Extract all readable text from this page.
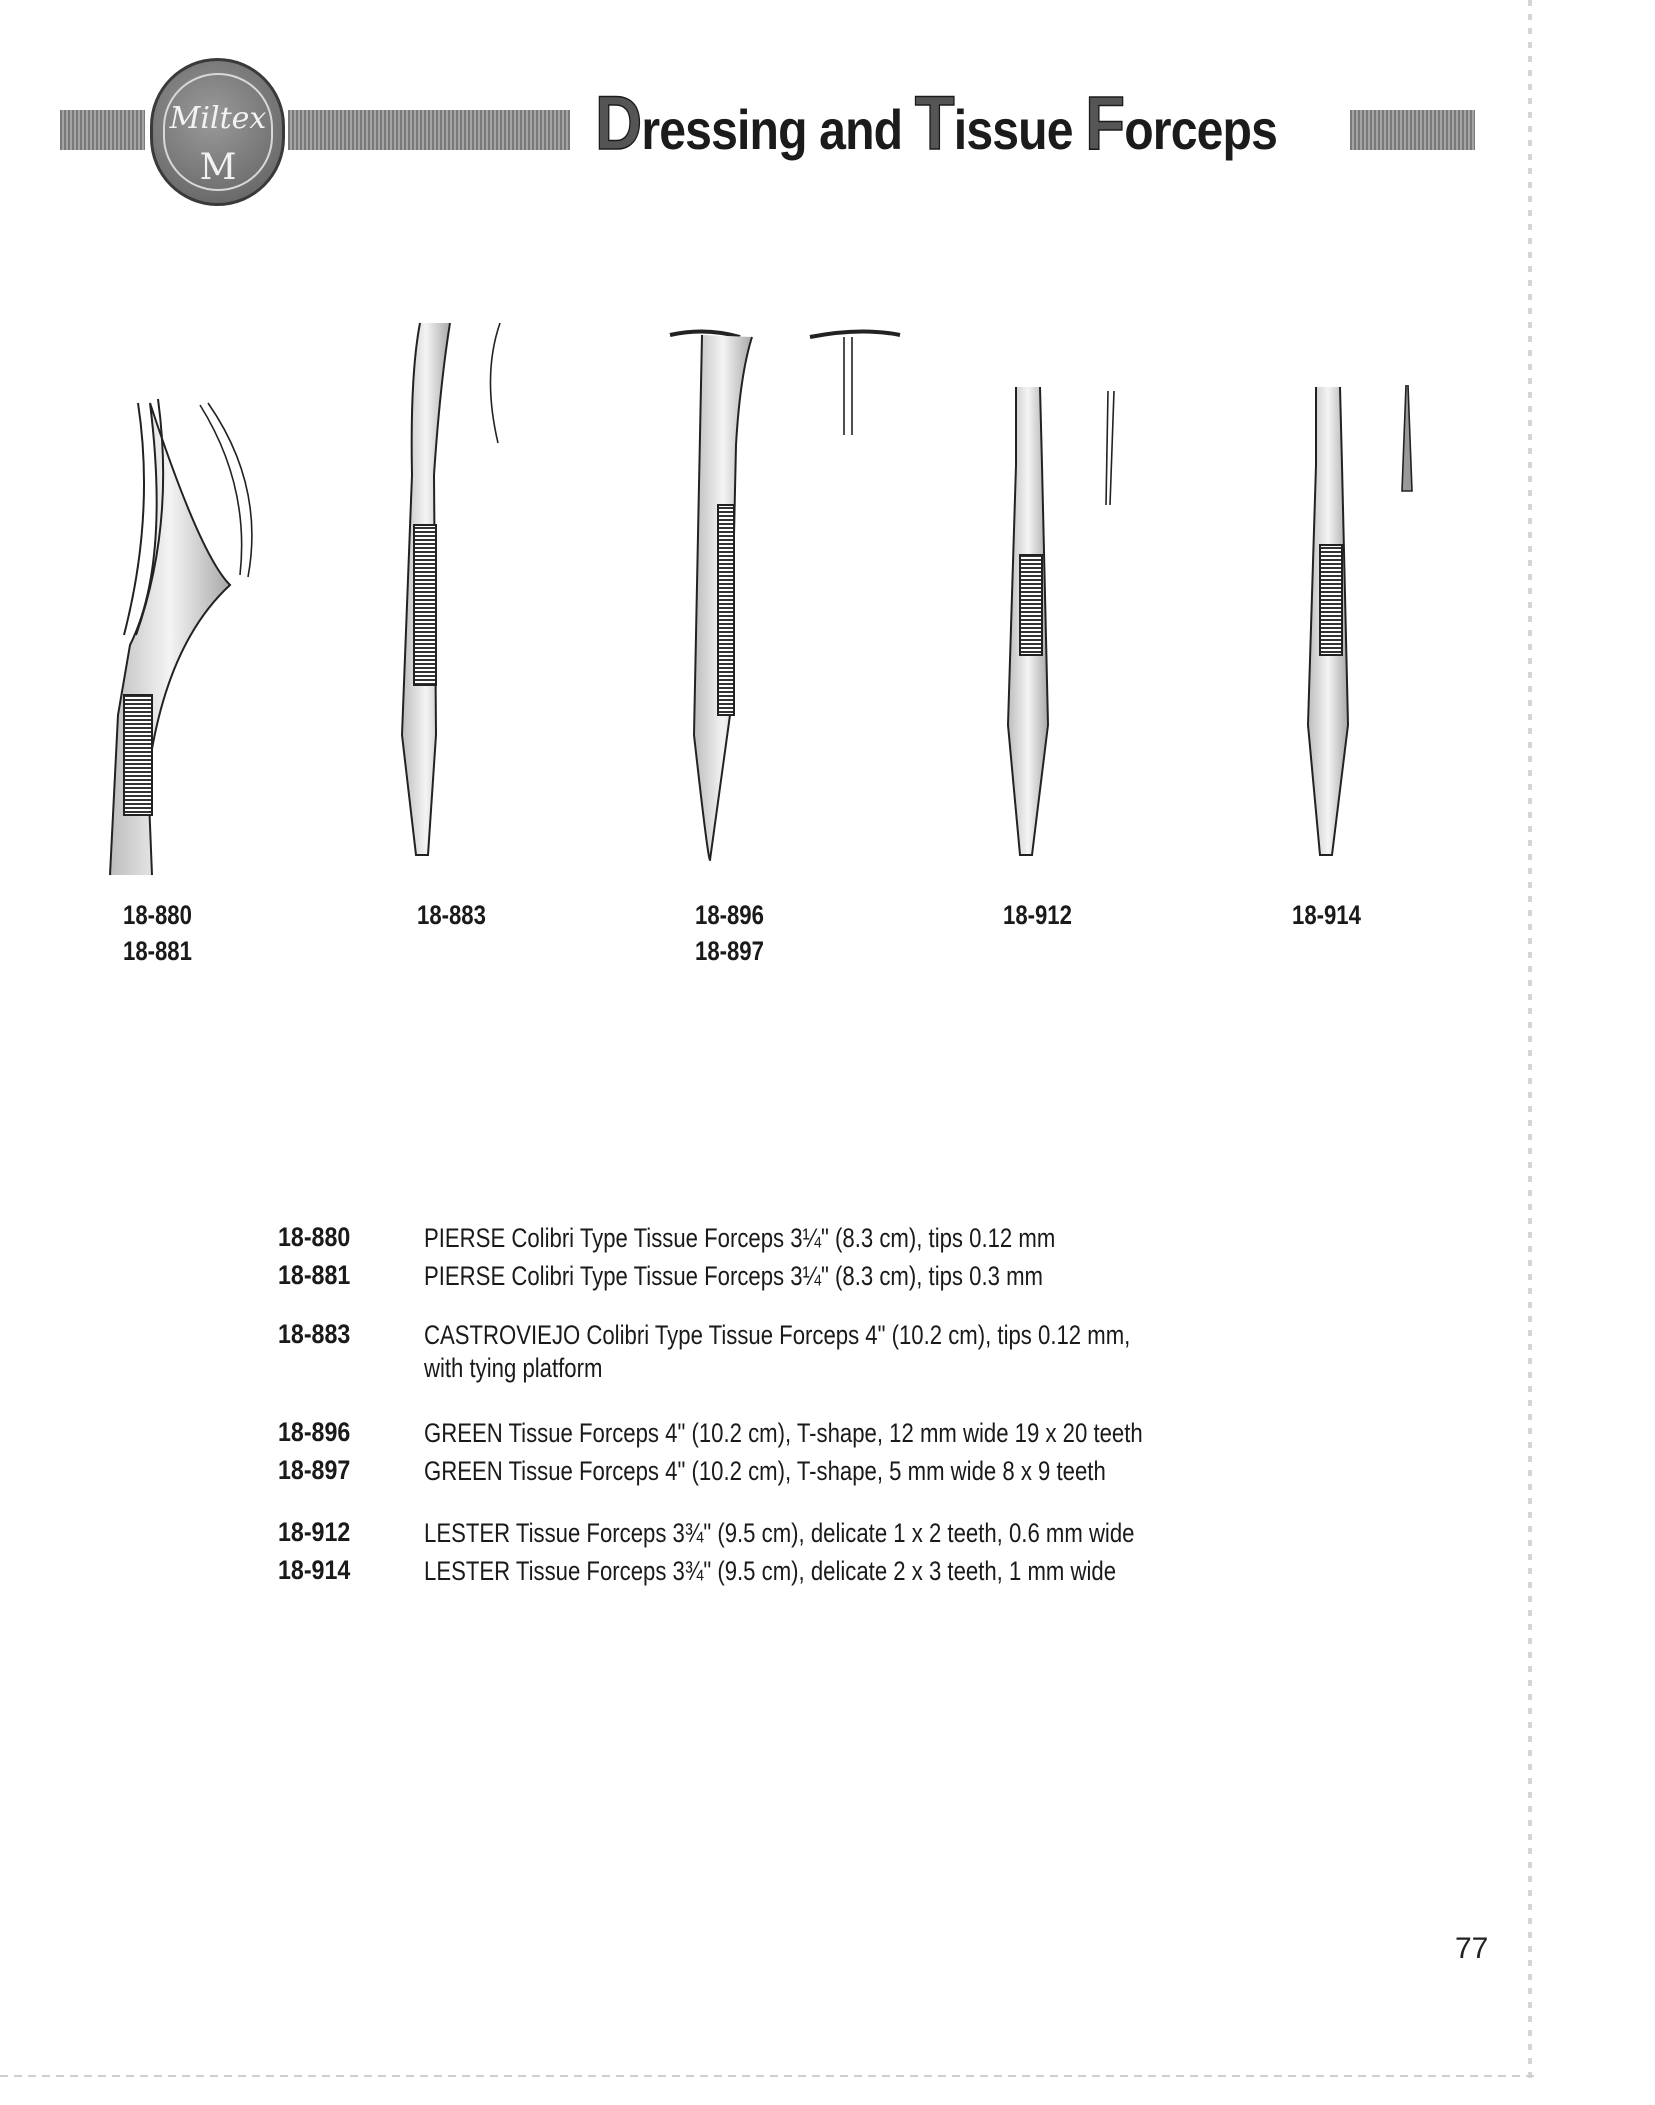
Miltex
M
Dressing and Tissue Forceps
18-880
18-881
18-883	18-896
18-897
18-912	18-914
18-880	PIERSE Colibri Type Tissue Forceps 3¼" (8.3 cm), tips 0.12 mm
18-881	PIERSE Colibri Type Tissue Forceps 3¼" (8.3 cm), tips 0.3 mm
18-883	CASTROVIEJO Colibri Type Tissue Forceps 4" (10.2 cm), tips 0.12 mm, with tying platform
18-896	GREEN Tissue Forceps 4" (10.2 cm), T-shape, 12 mm wide 19 x 20 teeth
18-897	GREEN Tissue Forceps 4" (10.2 cm), T-shape, 5 mm wide 8 x 9 teeth
18-912	LESTER Tissue Forceps 3¾" (9.5 cm), delicate 1 x 2 teeth, 0.6 mm wide
18-914	LESTER Tissue Forceps 3¾" (9.5 cm), delicate 2 x 3 teeth, 1 mm wide
77
